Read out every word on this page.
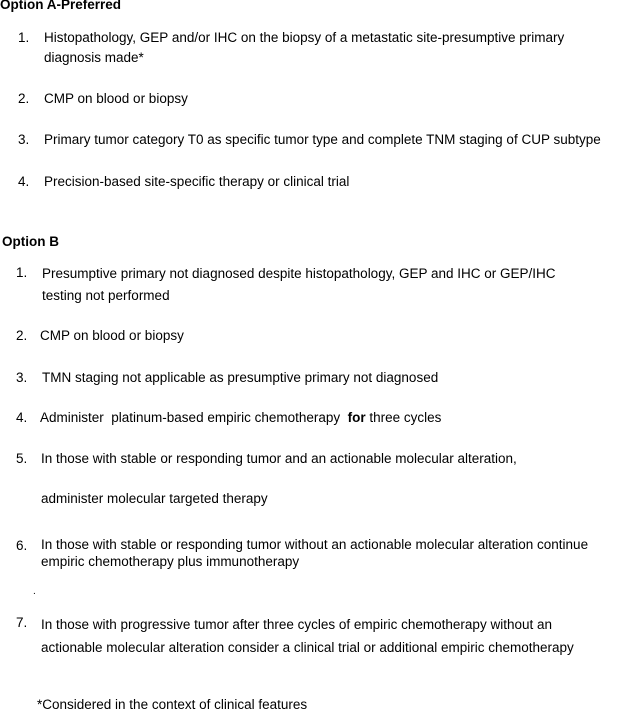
Option A-Preferred
1. Histopathology, GEP and/or IHC on the biopsy of a metastatic site-presumptive primary
diagnosis made*
2. CMP on blood or biopsy
3. Primary tumor category T0 as specific tumor type and complete TNM staging of CUP subtype
4. Precision-based site-specific therapy or clinical trial
Option B
1. Presumptive primary not diagnosed despite histopathology, GEP and IHC or GEP/IHC
testing not performed
2. CMP on blood or biopsy
3. TMN staging not applicable as presumptive primary not diagnosed
4. Administer  platinum-based empiric chemotherapy  for three cycles
5. In those with stable or responding tumor and an actionable molecular alteration,
administer molecular targeted therapy
6. In those with stable or responding tumor without an actionable molecular alteration continue
empiric chemotherapy plus immunotherapy
.
7. In those with progressive tumor after three cycles of empiric chemotherapy without an
actionable molecular alteration consider a clinical trial or additional empiric chemotherapy
*Considered in the context of clinical features
